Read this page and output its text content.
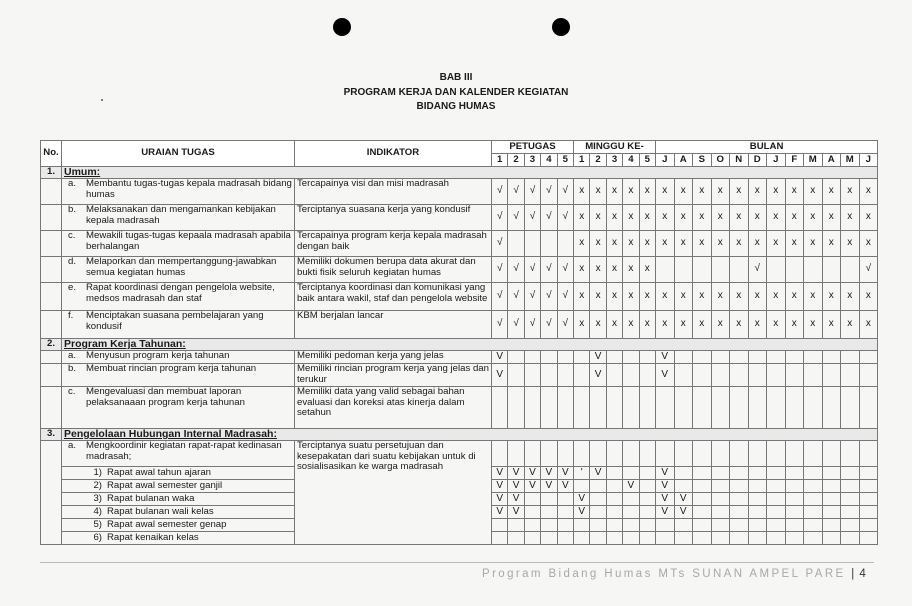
BAB III
PROGRAM KERJA DAN KALENDER KEGIATAN
BIDANG HUMAS
No.	URAIAN TUGAS	INDIKATOR	PETUGAS					MINGGU KE-					BULAN											
			1	2	3	4	5	1	2	3	4	5	J	A	S	O	N	D	J	F	M	A	M	J
1.	Umum:																							

	a. Membantu tugas-tugas kepala madrasah bidang humas	Tercapainya visi dan misi madrasah	√	√	√	√	√	x	x	x	x	x	x	x	x	x	x	x	x	x	x	x	x	x

	b. Melaksanakan dan mengamankan kebijakan kepala madrasah	Terciptanya suasana kerja yang kondusif	√	√	√	√	√	x	x	x	x	x	x	x	x	x	x	x	x	x	x	x	x	x

	c. Mewakili tugas-tugas kepaala madrasah apabila berhalangan	Tercapainya program kerja kepala madrasah dengan baik	√					x	x	x	x	x	x	x	x	x	x	x	x	x	x	x	x	x

	d. Melaporkan dan mempertanggung-jawabkan semua kegiatan humas	Memiliki dokumen berupa data akurat dan bukti fisik seluruh kegiatan humas	√	√	√	√	√	x	x	x	x	x						√						√

	e. Rapat koordinasi dengan pengelola website, medsos madrasah dan staf	Terciptanya koordinasi dan komunikasi yang baik antara wakil, staf dan pengelola website	√	√	√	√	√	x	x	x	x	x	x	x	x	x	x	x	x	x	x	x	x	x

	f. Menciptakan suasana pembelajaran yang kondusif	KBM berjalan lancar	√	√	√	√	√	x	x	x	x	x	x	x	x	x	x	x	x	x	x	x	x	x
2.	Program Kerja Tahunan:																							

	a. Menyusun program kerja tahunan	Memiliki pedoman kerja yang jelas	V						V				V											

	b. Membuat rincian program kerja tahunan	Memiliki rincian program kerja yang jelas dan terukur	V						V				V											

	c. Mengevaluasi dan membuat laporan pelaksanaaan program kerja tahunan	Memiliki data yang valid sebagai bahan evaluasi dan koreksi atas kinerja dalam setahun																						
3.	Pengelolaan Hubungan Internal Madrasah:																							

	a. Mengkoordinir kegiatan rapat-rapat kedinasan madrasah;	Terciptanya suatu persetujuan dan kesepakatan dari suatu kebijakan untuk di sosialisasikan ke warga madrasah																						

	1) Rapat awal tahun ajaran		V	V	V	V	V	'	V				V											

	2) Rapat awal semester ganjil		V	V	V	V	V				V		V											

	3) Rapat bulanan waka		V	V				V					V	V										

	4) Rapat bulanan wali kelas		V	V				V					V	V										

	5) Rapat awal semester genap																							

	6) Rapat kenaikan kelas																							

Program Bidang Humas MTs SUNAN AMPEL PARE | 4
